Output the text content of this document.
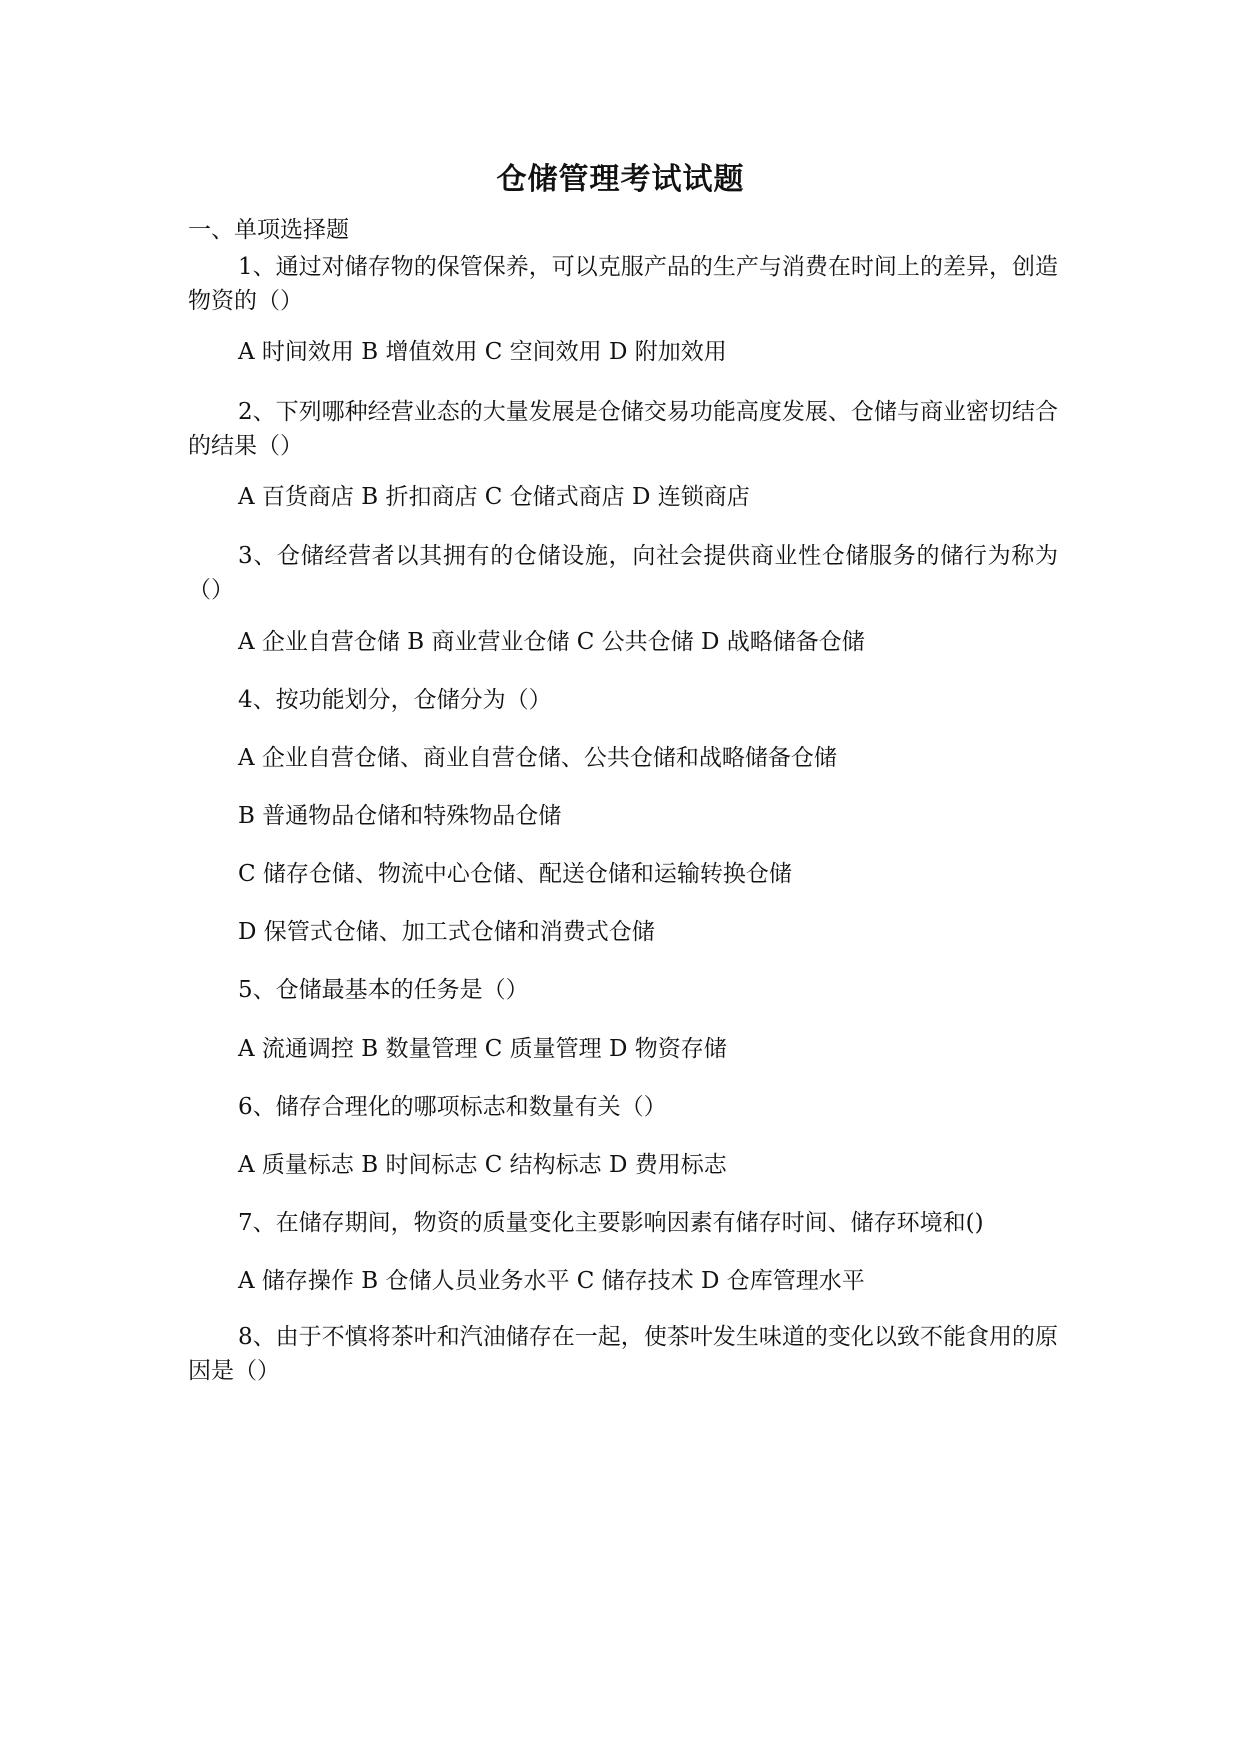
仓储管理考试试题
一、单项选择题
1、通过对储存物的保管保养，可以克服产品的生产与消费在时间上的差异，创造物资的（）
A 时间效用 B 增值效用 C 空间效用 D 附加效用
2、下列哪种经营业态的大量发展是仓储交易功能高度发展、仓储与商业密切结合的结果（）
A 百货商店 B 折扣商店 C 仓储式商店 D 连锁商店
3、仓储经营者以其拥有的仓储设施，向社会提供商业性仓储服务的储行为称为（）
A 企业自营仓储 B 商业营业仓储 C 公共仓储 D 战略储备仓储
4、按功能划分，仓储分为（）
A 企业自营仓储、商业自营仓储、公共仓储和战略储备仓储
B 普通物品仓储和特殊物品仓储
C 储存仓储、物流中心仓储、配送仓储和运输转换仓储
D 保管式仓储、加工式仓储和消费式仓储
5、仓储最基本的任务是（）
A 流通调控 B 数量管理 C 质量管理 D 物资存储
6、储存合理化的哪项标志和数量有关（）
A 质量标志 B 时间标志 C 结构标志 D 费用标志
7、在储存期间，物资的质量变化主要影响因素有储存时间、储存环境和()
A 储存操作 B 仓储人员业务水平 C 储存技术 D 仓库管理水平
8、由于不慎将茶叶和汽油储存在一起，使茶叶发生味道的变化以致不能食用的原因是（）
